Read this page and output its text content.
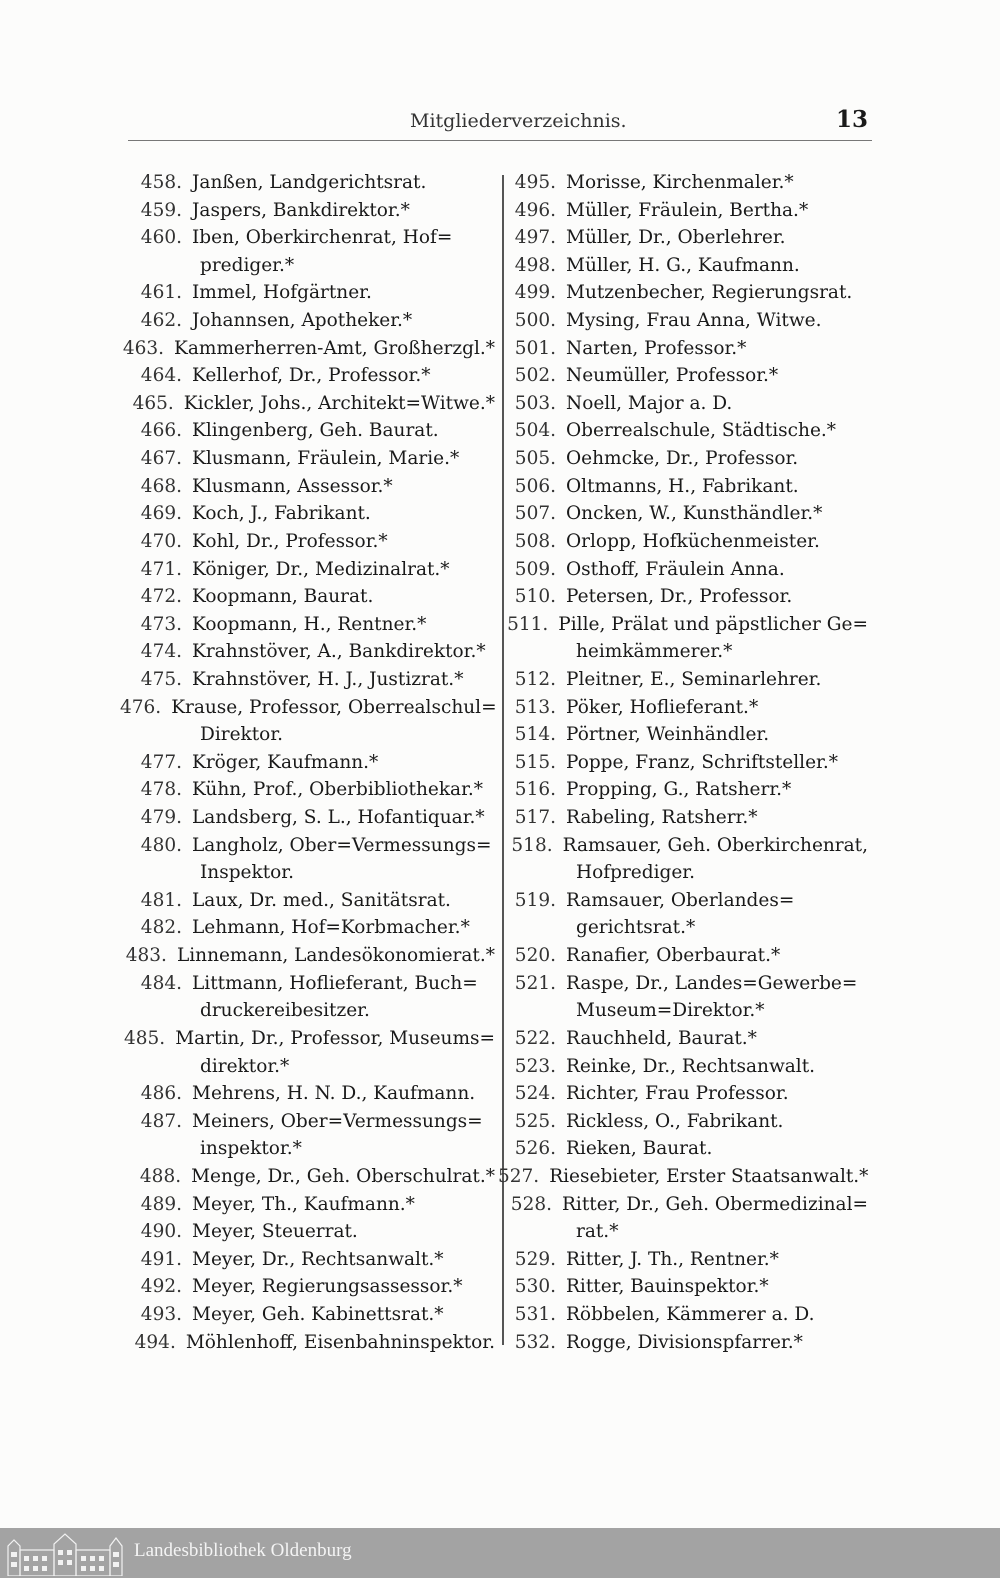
Mitgliederverzeichnis.	13
458. Janßen, Landgerichtsrat.
459. Jaspers, Bankdirektor.*
460. Iben, Oberkirchenrat, Hof=
prediger.*
461. Immel, Hofgärtner.
462. Johannsen, Apotheker.*
463. Kammerherren-Amt, Großherzgl.*
464. Kellerhof, Dr., Professor.*
465. Kickler, Johs., Architekt=Witwe.*
466. Klingenberg, Geh. Baurat.
467. Klusmann, Fräulein, Marie.*
468. Klusmann, Assessor.*
469. Koch, J., Fabrikant.
470. Kohl, Dr., Professor.*
471. Königer, Dr., Medizinalrat.*
472. Koopmann, Baurat.
473. Koopmann, H., Rentner.*
474. Krahnstöver, A., Bankdirektor.*
475. Krahnstöver, H. J., Justizrat.*
476. Krause, Professor, Oberrealschul=
Direktor.
477. Kröger, Kaufmann.*
478. Kühn, Prof., Oberbibliothekar.*
479. Landsberg, S. L., Hofantiquar.*
480. Langholz, Ober=Vermessungs=
Inspektor.
481. Laux, Dr. med., Sanitätsrat.
482. Lehmann, Hof=Korbmacher.*
483. Linnemann, Landesökonomierat.*
484. Littmann, Hoflieferant, Buch=
druckereibesitzer.
485. Martin, Dr., Professor, Museums=
direktor.*
486. Mehrens, H. N. D., Kaufmann.
487. Meiners, Ober=Vermessungs=
inspektor.*
488. Menge, Dr., Geh. Oberschulrat.*
489. Meyer, Th., Kaufmann.*
490. Meyer, Steuerrat.
491. Meyer, Dr., Rechtsanwalt.*
492. Meyer, Regierungsassessor.*
493. Meyer, Geh. Kabinettsrat.*
494. Möhlenhoff, Eisenbahninspektor.
495. Morisse, Kirchenmaler.*
496. Müller, Fräulein, Bertha.*
497. Müller, Dr., Oberlehrer.
498. Müller, H. G., Kaufmann.
499. Mutzenbecher, Regierungsrat.
500. Mysing, Frau Anna, Witwe.
501. Narten, Professor.*
502. Neumüller, Professor.*
503. Noell, Major a. D.
504. Oberrealschule, Städtische.*
505. Oehmcke, Dr., Professor.
506. Oltmanns, H., Fabrikant.
507. Oncken, W., Kunsthändler.*
508. Orlopp, Hofküchenmeister.
509. Osthoff, Fräulein Anna.
510. Petersen, Dr., Professor.
511. Pille, Prälat und päpstlicher Ge=
heimkämmerer.*
512. Pleitner, E., Seminarlehrer.
513. Pöker, Hoflieferant.*
514. Pörtner, Weinhändler.
515. Poppe, Franz, Schriftsteller.*
516. Propping, G., Ratsherr.*
517. Rabeling, Ratsherr.*
518. Ramsauer, Geh. Oberkirchenrat,
Hofprediger.
519. Ramsauer, Oberlandes=
gerichtsrat.*
520. Ranafier, Oberbaurat.*
521. Raspe, Dr., Landes=Gewerbe=
Museum=Direktor.*
522. Rauchheld, Baurat.*
523. Reinke, Dr., Rechtsanwalt.
524. Richter, Frau Professor.
525. Rickless, O., Fabrikant.
526. Rieken, Baurat.
527. Riesebieter, Erster Staatsanwalt.*
528. Ritter, Dr., Geh. Obermedizinal=
rat.*
529. Ritter, J. Th., Rentner.*
530. Ritter, Bauinspektor.*
531. Röbbelen, Kämmerer a. D.
532. Rogge, Divisionspfarrer.*
Landesbibliothek Oldenburg
